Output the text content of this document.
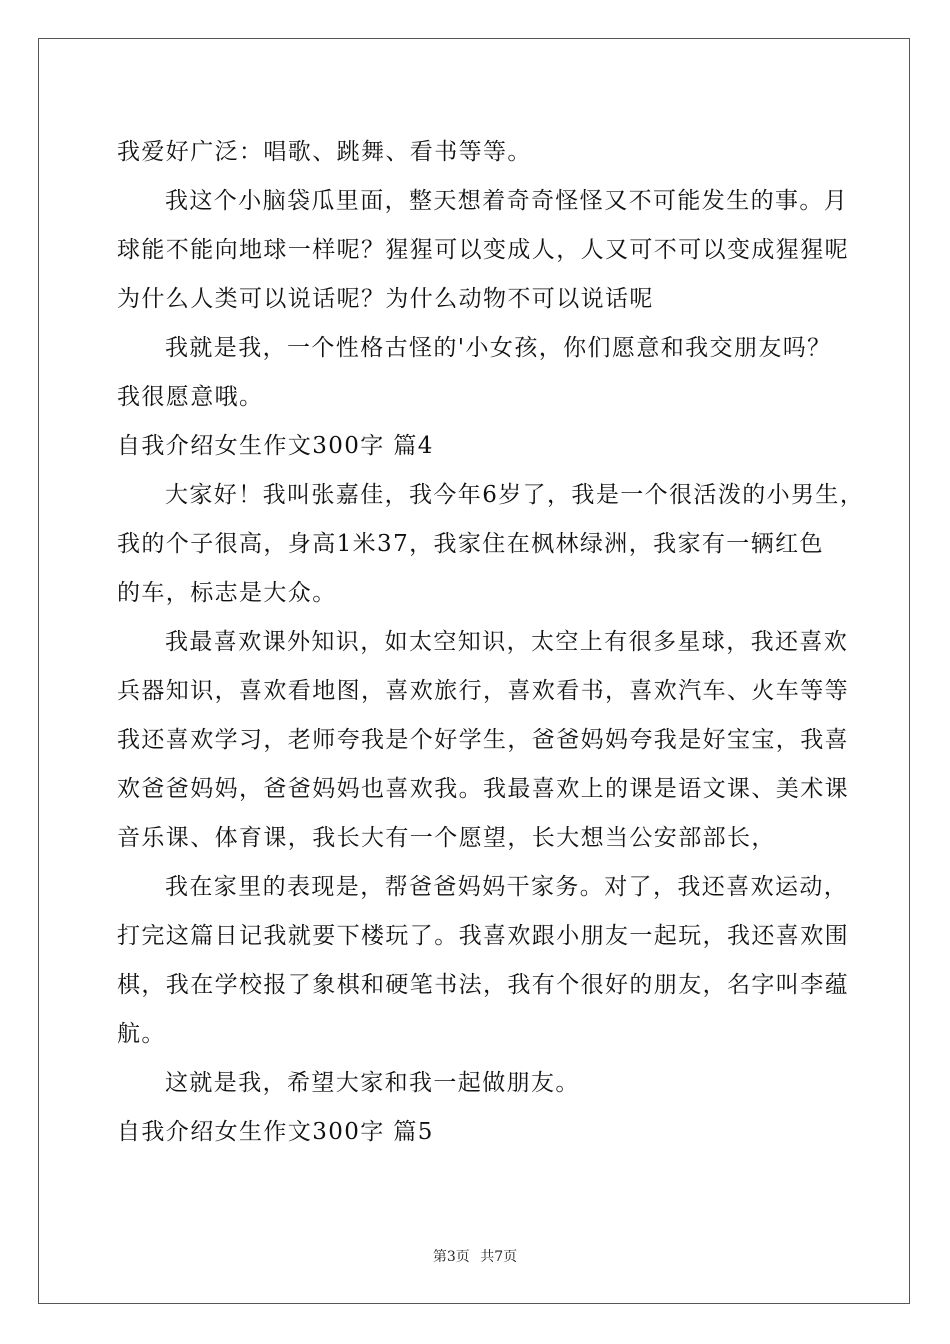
我爱好广泛：唱歌、跳舞、看书等等。
我这个小脑袋瓜里面，整天想着奇奇怪怪又不可能发生的事。月
球能不能向地球一样呢？猩猩可以变成人，人又可不可以变成猩猩呢
为什么人类可以说话呢？为什么动物不可以说话呢
我就是我，一个性格古怪的'小女孩，你们愿意和我交朋友吗？
我很愿意哦。
自我介绍女生作文300字 篇4
大家好！我叫张嘉佳，我今年6岁了，我是一个很活泼的小男生，
我的个子很高，身高1米37，我家住在枫林绿洲，我家有一辆红色
的车，标志是大众。
我最喜欢课外知识，如太空知识，太空上有很多星球，我还喜欢
兵器知识，喜欢看地图，喜欢旅行，喜欢看书，喜欢汽车、火车等等
我还喜欢学习，老师夸我是个好学生，爸爸妈妈夸我是好宝宝，我喜
欢爸爸妈妈，爸爸妈妈也喜欢我。我最喜欢上的课是语文课、美术课
音乐课、体育课，我长大有一个愿望，长大想当公安部部长，
我在家里的表现是，帮爸爸妈妈干家务。对了，我还喜欢运动，
打完这篇日记我就要下楼玩了。我喜欢跟小朋友一起玩，我还喜欢围
棋，我在学校报了象棋和硬笔书法，我有个很好的朋友，名字叫李蕴
航。
这就是我，希望大家和我一起做朋友。
自我介绍女生作文300字 篇5
第3页 共7页
